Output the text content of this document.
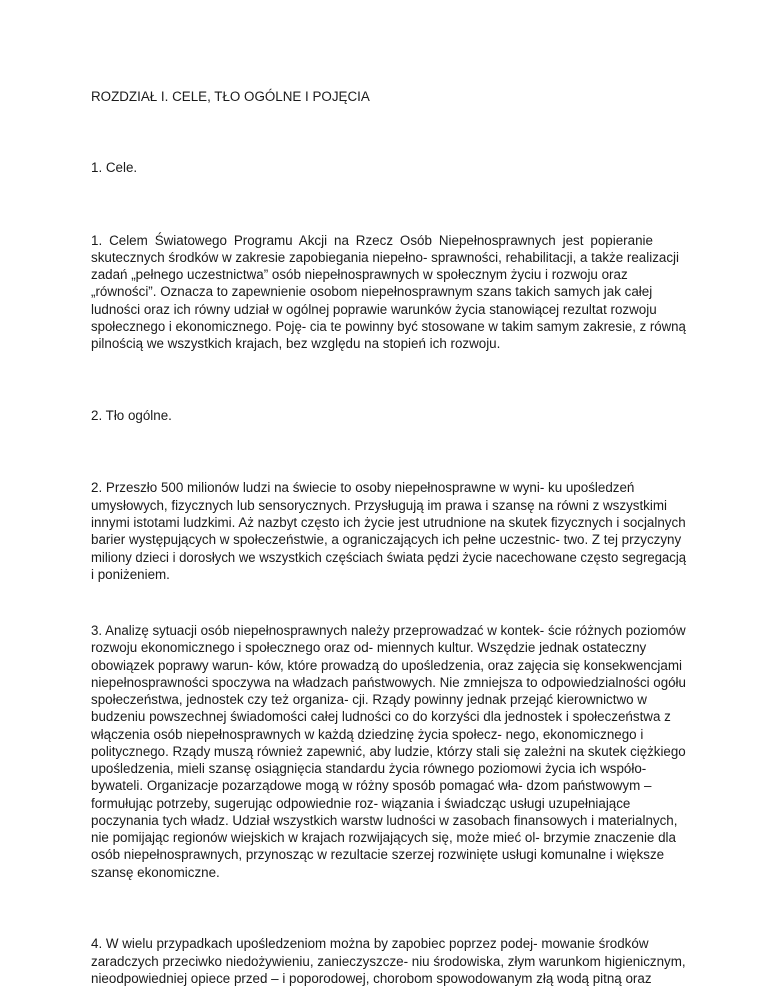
ROZDZIAŁ I. CELE, TŁO OGÓLNE I POJĘCIA
1. Cele.
1. Celem Światowego Programu Akcji na Rzecz Osób Niepełnosprawnych jest popieranie
skutecznych środków w zakresie zapobiegania niepełno- sprawności, rehabilitacji, a także realizacji
zadań „pełnego uczestnictwa” osób niepełnosprawnych w społecznym życiu i rozwoju oraz
„równości”. Oznacza to zapewnienie osobom niepełnosprawnym szans takich samych jak całej
ludności oraz ich równy udział w ogólnej poprawie warunków życia stanowiącej rezultat rozwoju
społecznego i ekonomicznego. Poję- cia te powinny być stosowane w takim samym zakresie, z równą
pilnością we wszystkich krajach, bez względu na stopień ich rozwoju.
2. Tło ogólne.
2. Przeszło 500 milionów ludzi na świecie to osoby niepełnosprawne w wyni- ku upośledzeń
umysłowych, fizycznych lub sensorycznych. Przysługują im prawa i szansę na równi z wszystkimi
innymi istotami ludzkimi. Aż nazbyt często ich życie jest utrudnione na skutek fizycznych i socjalnych
barier występujących w społeczeństwie, a ograniczających ich pełne uczestnic- two. Z tej przyczyny
miliony dzieci i dorosłych we wszystkich częściach świata pędzi życie nacechowane często segregacją
i poniżeniem.
3. Analizę sytuacji osób niepełnosprawnych należy przeprowadzać w kontek- ście różnych poziomów
rozwoju ekonomicznego i społecznego oraz od- miennych kultur. Wszędzie jednak ostateczny
obowiązek poprawy warun- ków, które prowadzą do upośledzenia, oraz zajęcia się konsekwencjami
niepełnosprawności spoczywa na władzach państwowych. Nie zmniejsza to odpowiedzialności ogółu
społeczeństwa, jednostek czy też organiza- cji. Rządy powinny jednak przejąć kierownictwo w
budzeniu powszechnej świadomości całej ludności co do korzyści dla jednostek i społeczeństwa z
włączenia osób niepełnosprawnych w każdą dziedzinę życia społecz- nego, ekonomicznego i
politycznego. Rządy muszą również zapewnić, aby ludzie, którzy stali się zależni na skutek ciężkiego
upośledzenia, mieli szansę osiągnięcia standardu życia równego poziomowi życia ich współo-
bywateli. Organizacje pozarządowe mogą w różny sposób pomagać wła- dzom państwowym –
formułując potrzeby, sugerując odpowiednie roz- wiązania i świadcząc usługi uzupełniające
poczynania tych władz. Udział wszystkich warstw ludności w zasobach finansowych i materialnych,
nie pomijając regionów wiejskich w krajach rozwijających się, może mieć ol- brzymie znaczenie dla
osób niepełnosprawnych, przynosząc w rezultacie szerzej rozwinięte usługi komunalne i większe
szansę ekonomiczne.
4. W wielu przypadkach upośledzeniom można by zapobiec poprzez podej- mowanie środków
zaradczych przeciwko niedożywieniu, zanieczyszcze- niu środowiska, złym warunkom higienicznym,
nieodpowiedniej opiece przed – i poporodowej, chorobom spowodowanym złą wodą pitną oraz
